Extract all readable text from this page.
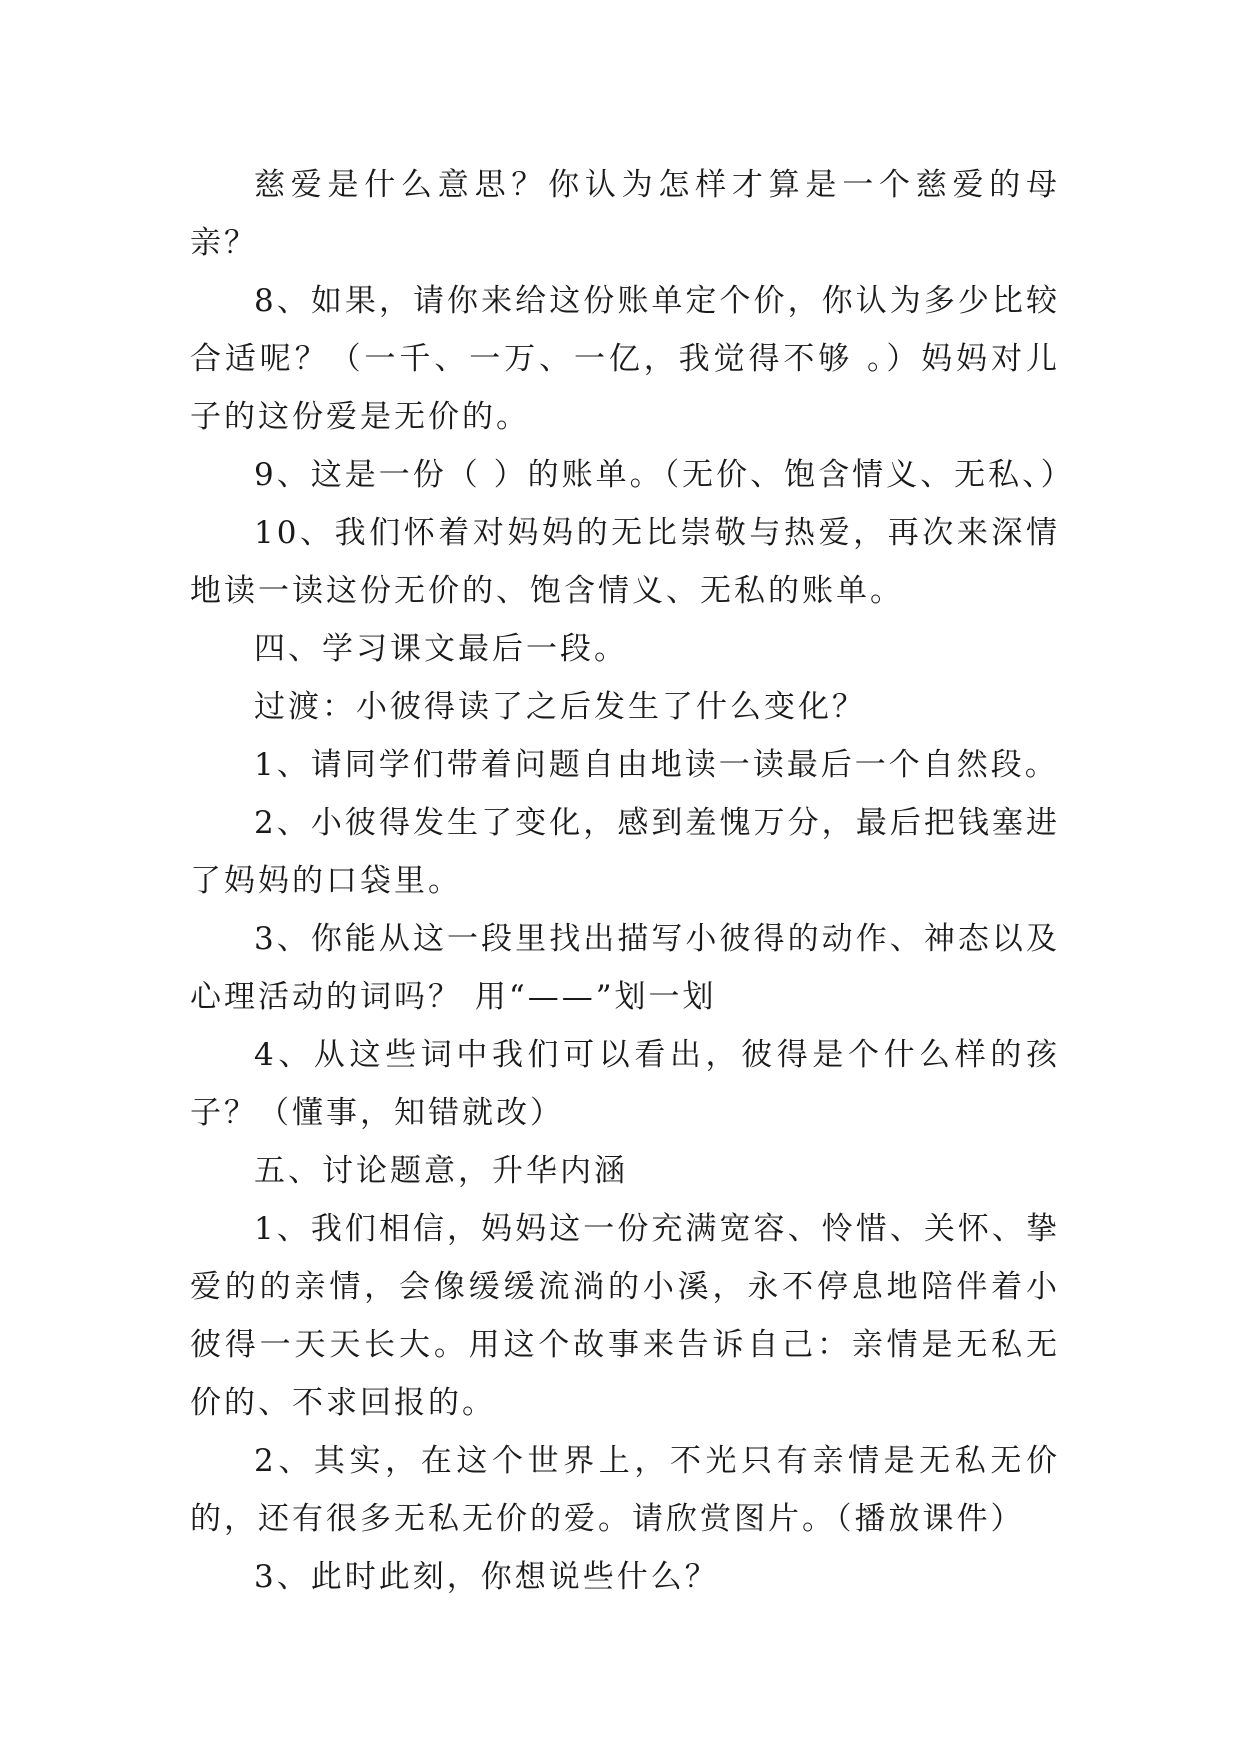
慈爱是什么意思？你认为怎样才算是一个慈爱的母亲？

8、如果，请你来给这份账单定个价，你认为多少比较合适呢？（一千、一万、一亿，我觉得不够 。）妈妈对儿子的这份爱是无价的。

9、这是一份（ ）的账单。（无价、饱含情义、无私、）

10、我们怀着对妈妈的无比崇敬与热爱，再次来深情地读一读这份无价的、饱含情义、无私的账单。

四、学习课文最后一段。

过渡：小彼得读了之后发生了什么变化？

1、请同学们带着问题自由地读一读最后一个自然段。

2、小彼得发生了变化，感到羞愧万分，最后把钱塞进了妈妈的口袋里。

3、你能从这一段里找出描写小彼得的动作、神态以及心理活动的词吗？ 用“——”划一划

4、从这些词中我们可以看出，彼得是个什么样的孩子？（懂事，知错就改）

五、讨论题意，升华内涵

1、我们相信，妈妈这一份充满宽容、怜惜、关怀、挚爱的的亲情，会像缓缓流淌的小溪，永不停息地陪伴着小彼得一天天长大。用这个故事来告诉自己：亲情是无私无价的、不求回报的。

2、其实，在这个世界上，不光只有亲情是无私无价的，还有很多无私无价的爱。请欣赏图片。（播放课件）

3、此时此刻，你想说些什么？
